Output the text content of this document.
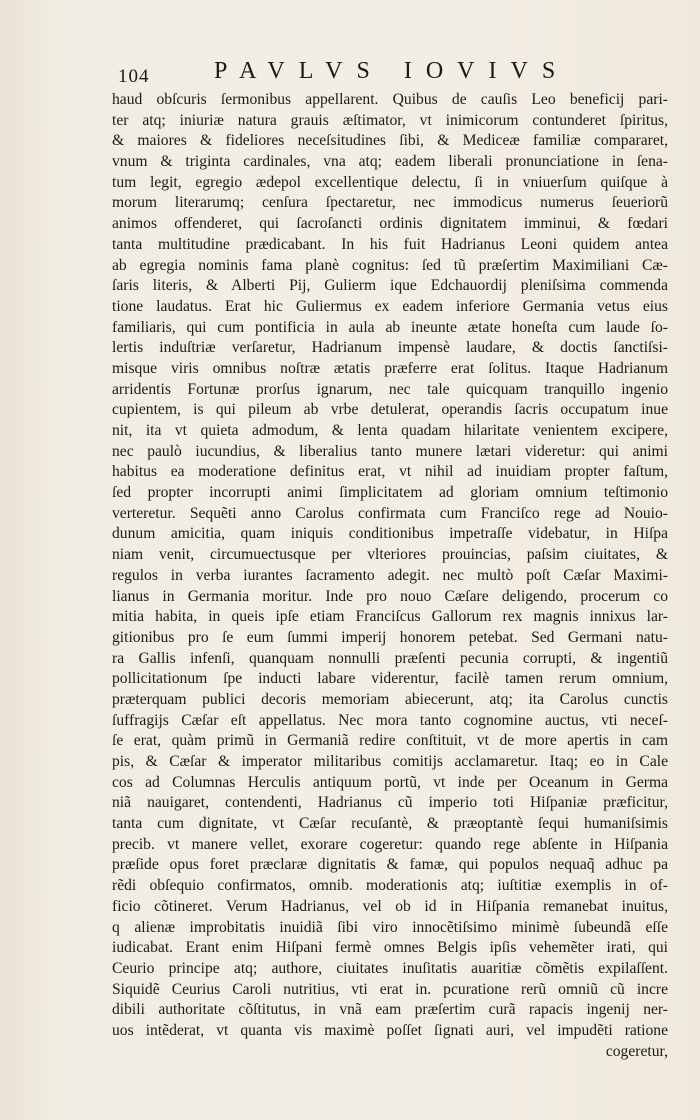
104	PAVLVS IOVIVS
haud obſcuris ſermonibus appellarent. Quibus de cauſis Leo beneficij pari-
ter atq; iniuriæ natura grauis æſtimator, vt inimicorum contunderet ſpiritus,
& maiores & fideliores neceſsitudines ſibi, & Mediceæ familiæ compararet,
vnum & triginta cardinales, vna atq; eadem liberali pronunciatione in ſena-
tum legit, egregio ædepol excellentique delectu, ſi in vniuerſum quiſque à
morum literarumq; cenſura ſpectaretur, nec immodicus numerus ſeueriorũ
animos offenderet, qui ſacroſancti ordinis dignitatem imminui, & fœdari
tanta multitudine prædicabant. In his fuit Hadrianus Leoni quidem antea
ab egregia nominis fama planè cognitus: ſed tũ præſertim Maximiliani Cæ-
ſaris literis, & Alberti Pij, Gulierm ique Edchauordij pleniſsima commenda
tione laudatus. Erat hic Guliermus ex eadem inferiore Germania vetus eius
familiaris, qui cum pontificia in aula ab ineunte ætate honeſta cum laude ſo-
lertis induſtriæ verſaretur, Hadrianum impensè laudare, & doctis ſanctiſsi-
misque viris omnibus noſtræ ætatis præferre erat ſolitus. Itaque Hadrianum
arridentis Fortunæ prorſus ignarum, nec tale quicquam tranquillo ingenio
cupientem, is qui pileum ab vrbe detulerat, operandis ſacris occupatum inue
nit, ita vt quieta admodum, & lenta quadam hilaritate venientem excipere,
nec paulò iucundius, & liberalius tanto munere lætari videretur: qui animi
habitus ea moderatione definitus erat, vt nihil ad inuidiam propter faſtum,
ſed propter incorrupti animi ſimplicitatem ad gloriam omnium teſtimonio
verteretur. Sequẽti anno Carolus confirmata cum Franciſco rege ad Nouio-
dunum amicitia, quam iniquis conditionibus impetraſſe videbatur, in Hiſpa
niam venit, circumuectusque per vlteriores prouincias, paſsim ciuitates, &
regulos in verba iurantes ſacramento adegit. nec multò poſt Cæſar Maximi-
lianus in Germania moritur. Inde pro nouo Cæſare deligendo, procerum co
mitia habita, in queis ipſe etiam Franciſcus Gallorum rex magnis innixus lar-
gitionibus pro ſe eum ſummi imperij honorem petebat. Sed Germani natu-
ra Gallis infenſi, quanquam nonnulli præſenti pecunia corrupti, & ingentiũ
pollicitationum ſpe inducti labare viderentur, facilè tamen rerum omnium,
præterquam publici decoris memoriam abiecerunt, atq; ita Carolus cunctis
ſuffragijs Cæſar eſt appellatus. Nec mora tanto cognomine auctus, vti neceſ-
ſe erat, quàm primũ in Germaniã redire conſtituit, vt de more apertis in cam
pis, & Cæſar & imperator militaribus comitijs acclamaretur. Itaq; eo in Cale
cos ad Columnas Herculis antiquum portũ, vt inde per Oceanum in Germa
niã nauigaret, contendenti, Hadrianus cũ imperio toti Hiſpaniæ præficitur,
tanta cum dignitate, vt Cæſar recuſantè, & præoptantè ſequi humaniſsimis
precib. vt manere vellet, exorare cogeretur: quando rege abſente in Hiſpania
præſide opus foret præclaræ dignitatis & famæ, qui populos nequaq̃ adhuc pa
rẽdi obſequio confirmatos, omnib. moderationis atq; iuſtitiæ exemplis in of-
ficio cõtineret. Verum Hadrianus, vel ob id in Hiſpania remanebat inuitus,
q alienæ improbitatis inuidiã ſibi viro innocẽtiſsimo minimè ſubeundã eſſe
iudicabat. Erant enim Hiſpani fermè omnes Belgis ipſis vehemẽter irati, qui
Ceurio principe atq; authore, ciuitates inuſitatis auaritiæ cõmẽtis expilaſſent.
Siquidẽ Ceurius Caroli nutritius, vti erat in. pcuratione rerũ omniũ cũ incre
dibili authoritate cõſtitutus, in vnã eam præſertim curã rapacis ingenij ner-
uos intẽderat, vt quanta vis maximè poſſet ſignati auri, vel impudẽti ratione
cogeretur,
